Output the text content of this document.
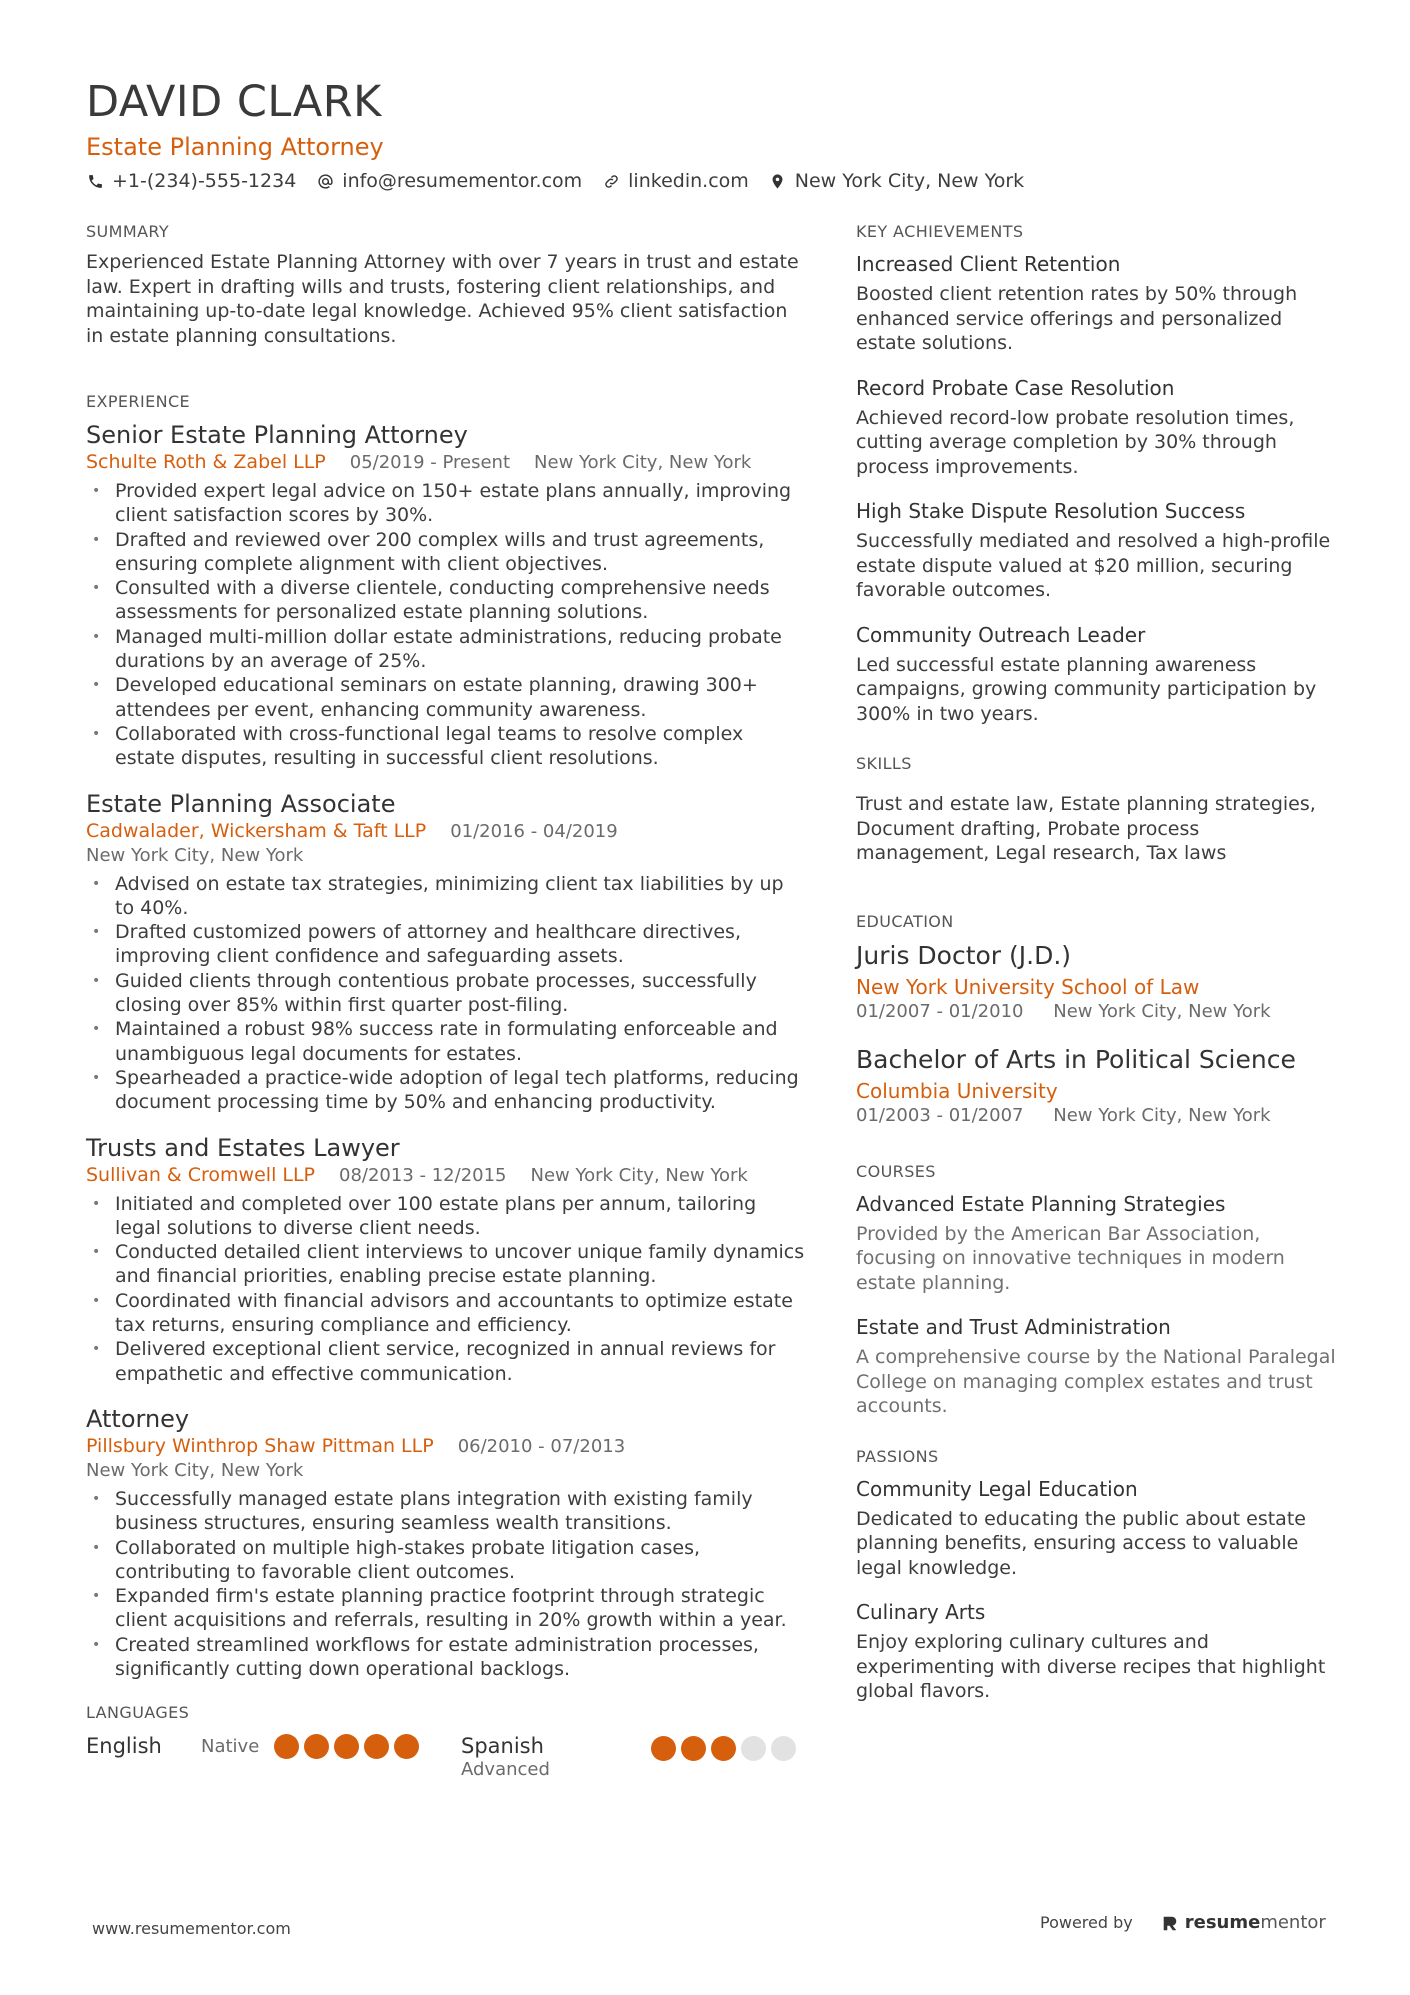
DAVID CLARK
Estate Planning Attorney
+1-(234)-555-1234 info@resumementor.com linkedin.com New York City, New York
SUMMARY
Experienced Estate Planning Attorney with over 7 years in trust and estate law. Expert in drafting wills and trusts, fostering client relationships, and maintaining up-to-date legal knowledge. Achieved 95% client satisfaction in estate planning consultations.
EXPERIENCE
Senior Estate Planning Attorney
Schulte Roth & Zabel LLP 05/2019 - Present New York City, New York
• Provided expert legal advice on 150+ estate plans annually, improving client satisfaction scores by 30%.
• Drafted and reviewed over 200 complex wills and trust agreements, ensuring complete alignment with client objectives.
• Consulted with a diverse clientele, conducting comprehensive needs assessments for personalized estate planning solutions.
• Managed multi-million dollar estate administrations, reducing probate durations by an average of 25%.
• Developed educational seminars on estate planning, drawing 300+ attendees per event, enhancing community awareness.
• Collaborated with cross-functional legal teams to resolve complex estate disputes, resulting in successful client resolutions.
Estate Planning Associate
Cadwalader, Wickersham & Taft LLP 01/2016 - 04/2019
New York City, New York
• Advised on estate tax strategies, minimizing client tax liabilities by up to 40%.
• Drafted customized powers of attorney and healthcare directives, improving client confidence and safeguarding assets.
• Guided clients through contentious probate processes, successfully closing over 85% within first quarter post-filing.
• Maintained a robust 98% success rate in formulating enforceable and unambiguous legal documents for estates.
• Spearheaded a practice-wide adoption of legal tech platforms, reducing document processing time by 50% and enhancing productivity.
Trusts and Estates Lawyer
Sullivan & Cromwell LLP 08/2013 - 12/2015 New York City, New York
• Initiated and completed over 100 estate plans per annum, tailoring legal solutions to diverse client needs.
• Conducted detailed client interviews to uncover unique family dynamics and financial priorities, enabling precise estate planning.
• Coordinated with financial advisors and accountants to optimize estate tax returns, ensuring compliance and efficiency.
• Delivered exceptional client service, recognized in annual reviews for empathetic and effective communication.
Attorney
Pillsbury Winthrop Shaw Pittman LLP 06/2010 - 07/2013
New York City, New York
• Successfully managed estate plans integration with existing family business structures, ensuring seamless wealth transitions.
• Collaborated on multiple high-stakes probate litigation cases, contributing to favorable client outcomes.
• Expanded firm's estate planning practice footprint through strategic client acquisitions and referrals, resulting in 20% growth within a year.
• Created streamlined workflows for estate administration processes, significantly cutting down operational backlogs.
LANGUAGES
English	Native	Spanish
Advanced
KEY ACHIEVEMENTS
Increased Client Retention
Boosted client retention rates by 50% through enhanced service offerings and personalized estate solutions.
Record Probate Case Resolution
Achieved record-low probate resolution times, cutting average completion by 30% through process improvements.
High Stake Dispute Resolution Success
Successfully mediated and resolved a high-profile estate dispute valued at $20 million, securing favorable outcomes.
Community Outreach Leader
Led successful estate planning awareness campaigns, growing community participation by 300% in two years.
SKILLS
Trust and estate law, Estate planning strategies, Document drafting, Probate process management, Legal research, Tax laws
EDUCATION
Juris Doctor (J.D.)
New York University School of Law
01/2007 - 01/2010 New York City, New York
Bachelor of Arts in Political Science
Columbia University
01/2003 - 01/2007 New York City, New York
COURSES
Advanced Estate Planning Strategies
Provided by the American Bar Association, focusing on innovative techniques in modern estate planning.
Estate and Trust Administration
A comprehensive course by the National Paralegal College on managing complex estates and trust accounts.
PASSIONS
Community Legal Education
Dedicated to educating the public about estate planning benefits, ensuring access to valuable legal knowledge.
Culinary Arts
Enjoy exploring culinary cultures and experimenting with diverse recipes that highlight global flavors.
www.resumementor.com	Powered by	resume mentor
